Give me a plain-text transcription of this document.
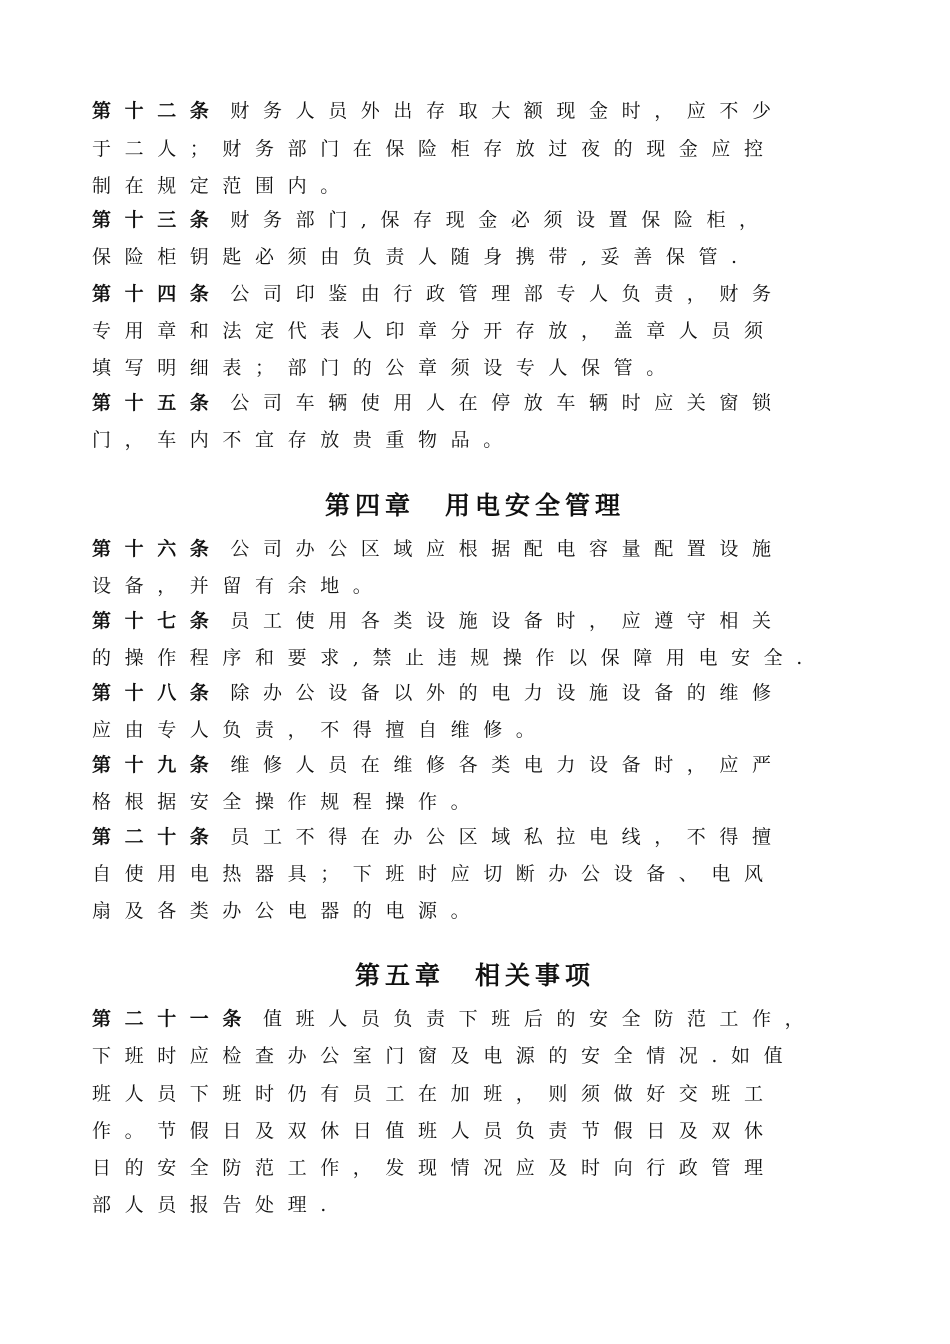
第十二条 财务人员外出存取大额现金时，应不少
于二人；财务部门在保险柜存放过夜的现金应控
制在规定范围内。
第十三条 财务部门,保存现金必须设置保险柜，
保险柜钥匙必须由负责人随身携带,妥善保管.
第十四条 公司印鉴由行政管理部专人负责，财务
专用章和法定代表人印章分开存放，盖章人员须
填写明细表；部门的公章须设专人保管。
第十五条 公司车辆使用人在停放车辆时应关窗锁
门，车内不宜存放贵重物品。
第四章 用电安全管理
第十六条 公司办公区域应根据配电容量配置设施
设备，并留有余地。
第十七条 员工使用各类设施设备时，应遵守相关
的操作程序和要求,禁止违规操作以保障用电安全.
第十八条 除办公设备以外的电力设施设备的维修
应由专人负责，不得擅自维修。
第十九条 维修人员在维修各类电力设备时，应严
格根据安全操作规程操作。
第二十条 员工不得在办公区域私拉电线，不得擅
自使用电热器具；下班时应切断办公设备、电风
扇及各类办公电器的电源。
第五章 相关事项
第二十一条 值班人员负责下班后的安全防范工作，
下班时应检查办公室门窗及电源的安全情况.如值
班人员下班时仍有员工在加班，则须做好交班工
作。节假日及双休日值班人员负责节假日及双休
日的安全防范工作，发现情况应及时向行政管理
部人员报告处理.
